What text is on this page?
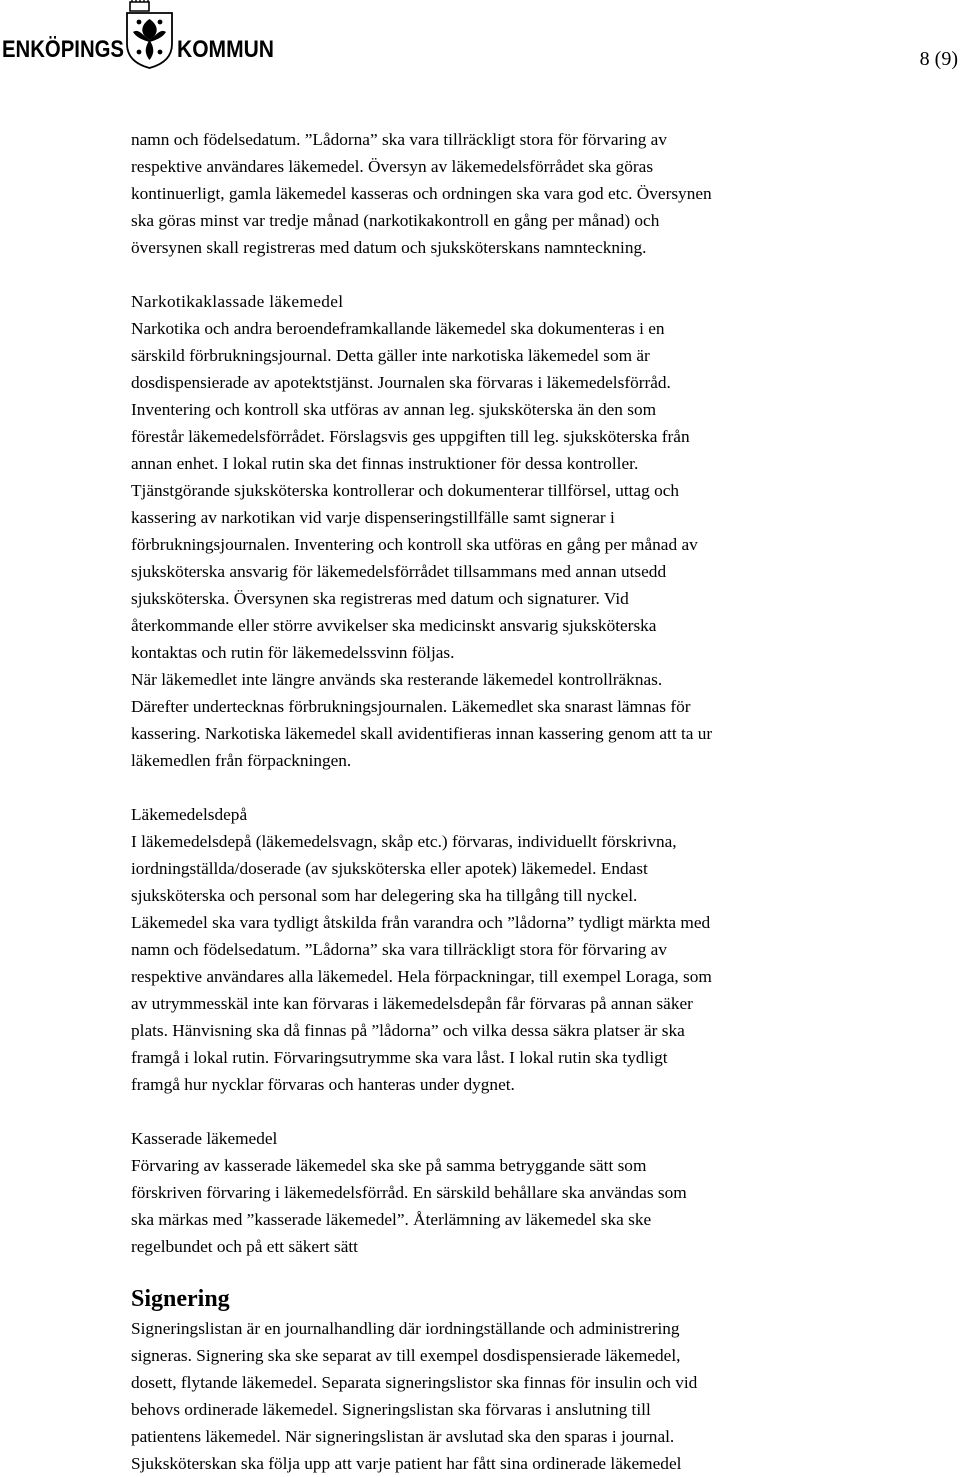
ENKÖPINGS KOMMUN	8 (9)

namn och födelsedatum. ”Lådorna” ska vara tillräckligt stora för förvaring av
respektive användares läkemedel. Översyn av läkemedelsförrådet ska göras
kontinuerligt, gamla läkemedel kasseras och ordningen ska vara god etc. Översynen
ska göras minst var tredje månad (narkotikakontroll en gång per månad) och
översynen skall registreras med datum och sjuksköterskans namnteckning.

Narkotikaklassade läkemedel

Narkotika och andra beroendeframkallande läkemedel ska dokumenteras i en
särskild förbrukningsjournal. Detta gäller inte narkotiska läkemedel som är
dosdispensierade av apotektstjänst. Journalen ska förvaras i läkemedelsförråd.
Inventering och kontroll ska utföras av annan leg. sjuksköterska än den som
förestår läkemedelsförrådet. Förslagsvis ges uppgiften till leg. sjuksköterska från
annan enhet. I lokal rutin ska det finnas instruktioner för dessa kontroller.
Tjänstgörande sjuksköterska kontrollerar och dokumenterar tillförsel, uttag och
kassering av narkotikan vid varje dispenseringstillfälle samt signerar i
förbrukningsjournalen. Inventering och kontroll ska utföras en gång per månad av
sjuksköterska ansvarig för läkemedelsförrådet tillsammans med annan utsedd
sjuksköterska. Översynen ska registreras med datum och signaturer. Vid
återkommande eller större avvikelser ska medicinskt ansvarig sjuksköterska
kontaktas och rutin för läkemedelssvinn följas.
När läkemedlet inte längre används ska resterande läkemedel kontrollräknas.
Därefter undertecknas förbrukningsjournalen. Läkemedlet ska snarast lämnas för
kassering. Narkotiska läkemedel skall avidentifieras innan kassering genom att ta ur
läkemedlen från förpackningen.

Läkemedelsdepå

I läkemedelsdepå (läkemedelsvagn, skåp etc.) förvaras, individuellt förskrivna,
iordningställda/doserade (av sjuksköterska eller apotek) läkemedel. Endast
sjuksköterska och personal som har delegering ska ha tillgång till nyckel.
Läkemedel ska vara tydligt åtskilda från varandra och ”lådorna” tydligt märkta med
namn och födelsedatum. ”Lådorna” ska vara tillräckligt stora för förvaring av
respektive användares alla läkemedel. Hela förpackningar, till exempel Loraga, som
av utrymmesskäl inte kan förvaras i läkemedelsdepån får förvaras på annan säker
plats. Hänvisning ska då finnas på ”lådorna” och vilka dessa säkra platser är ska
framgå i lokal rutin. Förvaringsutrymme ska vara låst. I lokal rutin ska tydligt
framgå hur nycklar förvaras och hanteras under dygnet.

Kasserade läkemedel

Förvaring av kasserade läkemedel ska ske på samma betryggande sätt som
förskriven förvaring i läkemedelsförråd. En särskild behållare ska användas som
ska märkas med ”kasserade läkemedel”. Återlämning av läkemedel ska ske
regelbundet och på ett säkert sätt

Signering

Signeringslistan är en journalhandling där iordningställande och administrering
signeras. Signering ska ske separat av till exempel dosdispensierade läkemedel,
dosett, flytande läkemedel. Separata signeringslistor ska finnas för insulin och vid
behovs ordinerade läkemedel. Signeringslistan ska förvaras i anslutning till
patientens läkemedel. När signeringslistan är avslutad ska den sparas i journal.
Sjuksköterskan ska följa upp att varje patient har fått sina ordinerade läkemedel
